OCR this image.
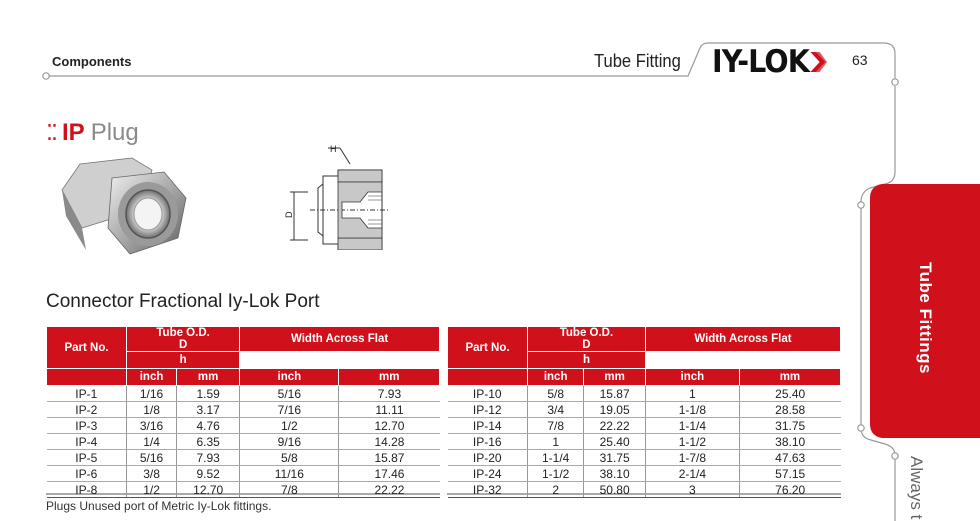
Components	Tube Fitting IY-LOK	63
⁚⁚ IP Plug
H
D
Connector Fractional Iy-Lok Port
Part No.	Tube O.D.
D		Width Across Flat	
	h			
	inch	mm	inch	mm
IP-1	1/16	1.59	5/16	7.93
IP-2	1/8	3.17	7/16	11.11
IP-3	3/16	4.76	1/2	12.70
IP-4	1/4	6.35	9/16	14.28
IP-5	5/16	7.93	5/8	15.87
IP-6	3/8	9.52	11/16	17.46
IP-8	1/2	12.70	7/8	22.22
Part No.	Tube O.D.
D		Width Across Flat	
	h			
	inch	mm	inch	mm
IP-10	5/8	15.87	1	25.40
IP-12	3/4	19.05	1-1/8	28.58
IP-14	7/8	22.22	1-1/4	31.75
IP-16	1	25.40	1-1/2	38.10
IP-20	1-1/4	31.75	1-7/8	47.63
IP-24	1-1/2	38.10	2-1/4	57.15
IP-32	2	50.80	3	76.20
Plugs Unused port of Metric Iy-Lok fittings.
Tube Fittings
Always t
